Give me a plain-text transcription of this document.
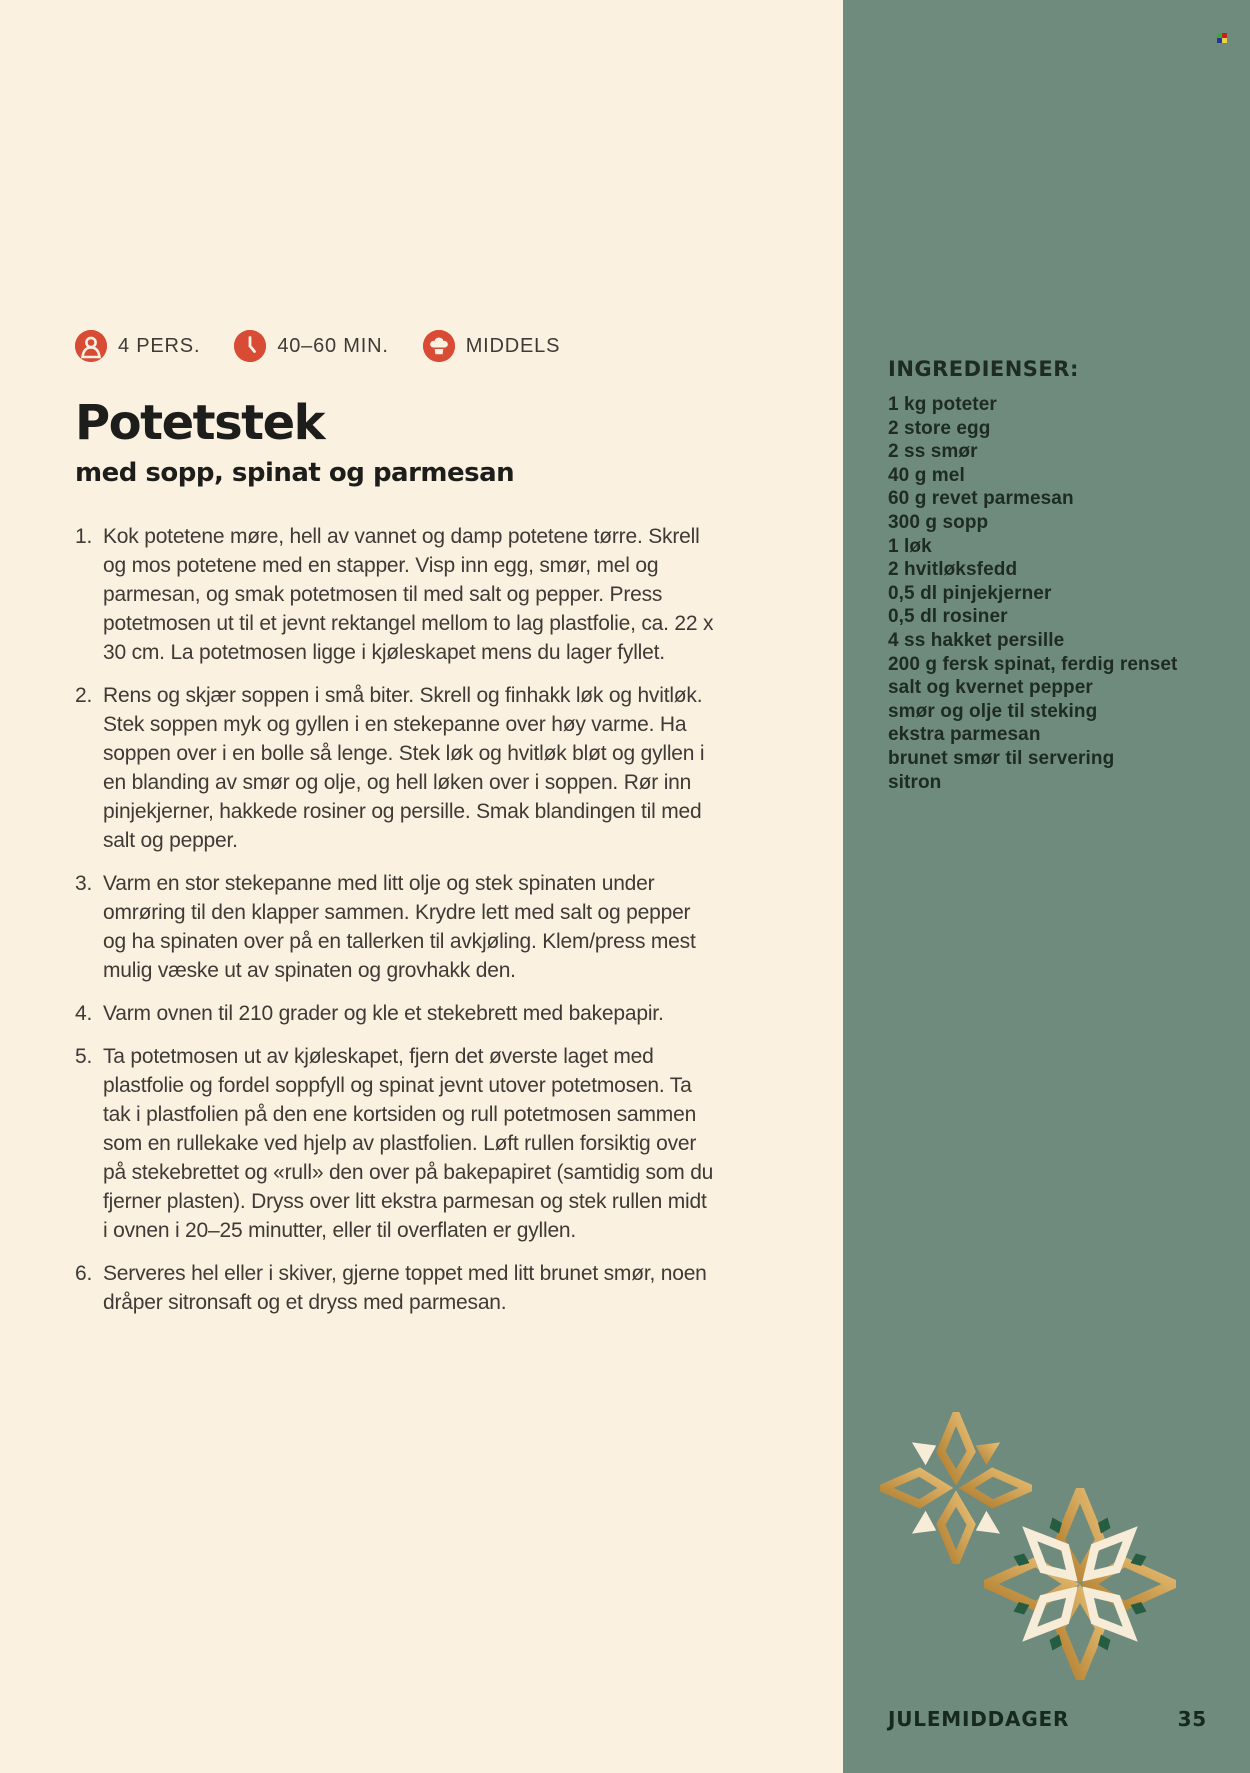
4 PERS.	40–60 MIN.	MIDDELS
Potetstek
med sopp, spinat og parmesan
1. Kok potetene møre, hell av vannet og damp potetene tørre. Skrell og mos potetene med en stapper. Visp inn egg, smør, mel og parmesan, og smak potetmosen til med salt og pepper. Press potetmosen ut til et jevnt rektangel mellom to lag plastfolie, ca. 22 x 30 cm. La potetmosen ligge i kjøleskapet mens du lager fyllet.
2. Rens og skjær soppen i små biter. Skrell og finhakk løk og hvitløk. Stek soppen myk og gyllen i en stekepanne over høy varme. Ha soppen over i en bolle så lenge. Stek løk og hvitløk bløt og gyllen i en blanding av smør og olje, og hell løken over i soppen. Rør inn pinjekjerner, hakkede rosiner og persille. Smak blandingen til med salt og pepper.
3. Varm en stor stekepanne med litt olje og stek spinaten under omrøring til den klapper sammen. Krydre lett med salt og pepper og ha spinaten over på en tallerken til avkjøling. Klem/press mest mulig væske ut av spinaten og grovhakk den.
4. Varm ovnen til 210 grader og kle et stekebrett med bakepapir.
5. Ta potetmosen ut av kjøleskapet, fjern det øverste laget med plastfolie og fordel soppfyll og spinat jevnt utover potetmosen. Ta tak i plastfolien på den ene kortsiden og rull potetmosen sammen som en rullekake ved hjelp av plastfolien. Løft rullen forsiktig over på stekebrettet og «rull» den over på bakepapiret (samtidig som du fjerner plasten). Dryss over litt ekstra parmesan og stek rullen midt i ovnen i 20–25 minutter, eller til overflaten er gyllen.
6. Serveres hel eller i skiver, gjerne toppet med litt brunet smør, noen dråper sitronsaft og et dryss med parmesan.
INGREDIENSER:
1 kg poteter
2 store egg
2 ss smør
40 g mel
60 g revet parmesan
300 g sopp
1 løk
2 hvitløksfedd
0,5 dl pinjekjerner
0,5 dl rosiner
4 ss hakket persille
200 g fersk spinat, ferdig renset
salt og kvernet pepper
smør og olje til steking
ekstra parmesan
brunet smør til servering
sitron
JULEMIDDAGER	35
